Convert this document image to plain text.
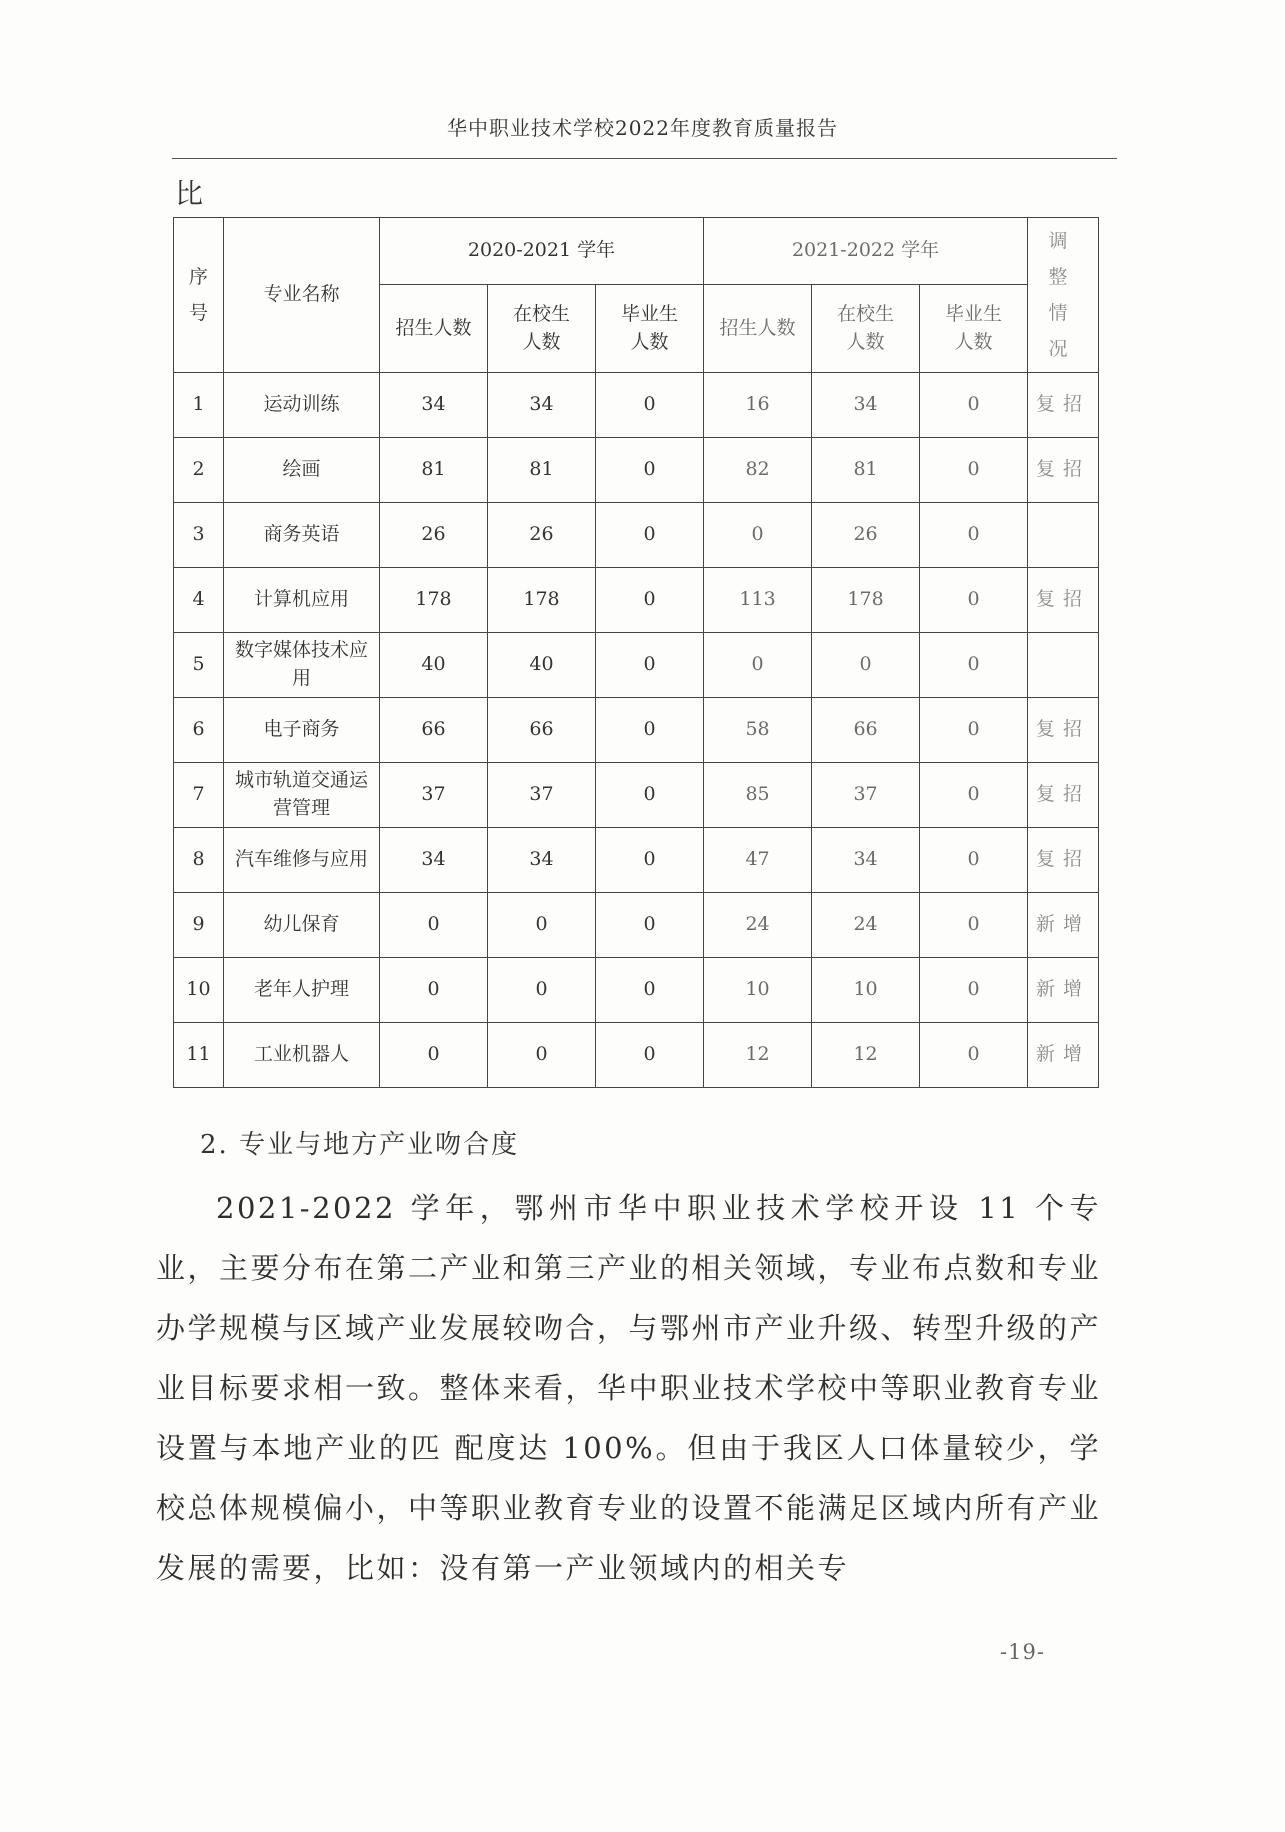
华中职业技术学校2022年度教育质量报告
比
序号	专业名称	2020-2021 学年			2021-2022 学年			调整情况
		招生人数	在校生人数	毕业生人数	招生人数	在校生人数	毕业生人数	
1	运动训练	34	34	0	16	34	0	复招
2	绘画	81	81	0	82	81	0	复招
3	商务英语	26	26	0	0	26	0	
4	计算机应用	178	178	0	113	178	0	复招
5	数字媒体技术应用	40	40	0	0	0	0	
6	电子商务	66	66	0	58	66	0	复招
7	城市轨道交通运营管理	37	37	0	85	37	0	复招
8	汽车维修与应用	34	34	0	47	34	0	复招
9	幼儿保育	0	0	0	24	24	0	新增
10	老年人护理	0	0	0	10	10	0	新增
11	工业机器人	0	0	0	12	12	0	新增
2. 专业与地方产业吻合度

2021-2022 学年，鄂州市华中职业技术学校开设 11 个专业，主要分布在第二产业和第三产业的相关领域，专业布点数和专业办学规模与区域产业发展较吻合，与鄂州市产业升级、转型升级的产业目标要求相一致。整体来看，华中职业技术学校中等职业教育专业设置与本地产业的匹 配度达 100%。但由于我区人口体量较少，学校总体规模偏小，中等职业教育专业的设置不能满足区域内所有产业发展的需要，比如：没有第一产业领域内的相关专

-19-
